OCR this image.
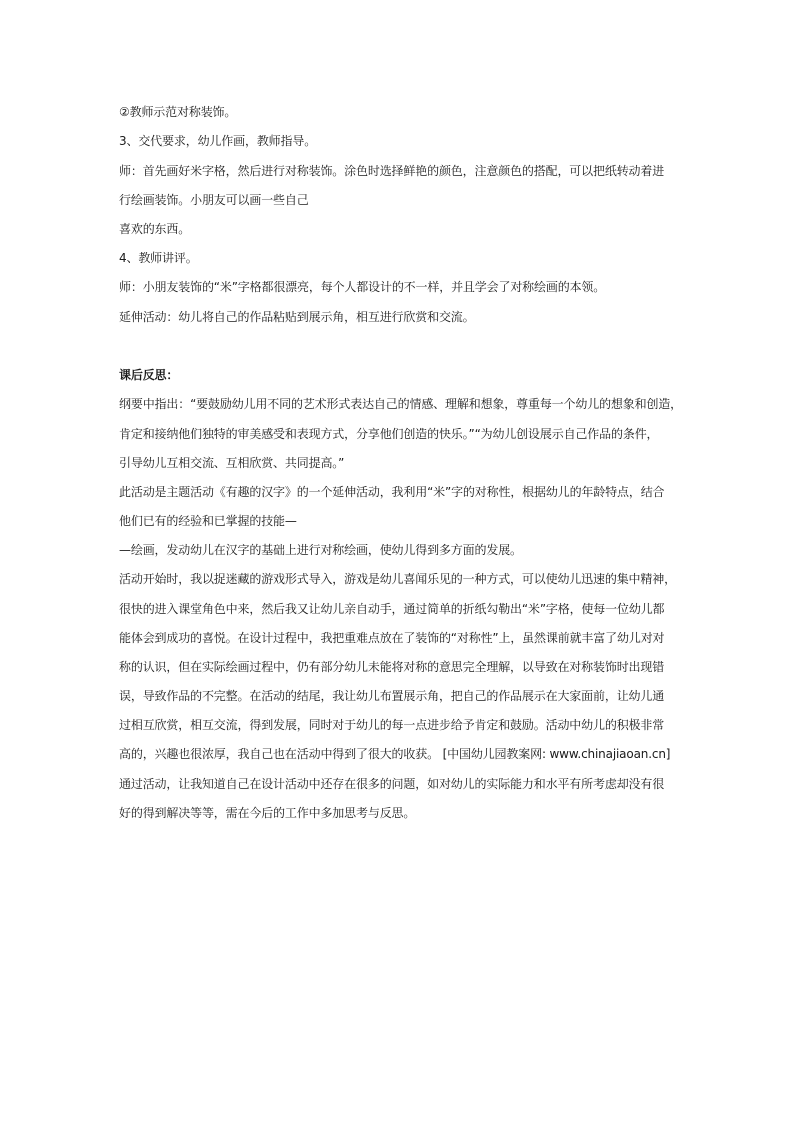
②教师示范对称装饰。
3、交代要求，幼儿作画，教师指导。
师：首先画好米字格，然后进行对称装饰。涂色时选择鲜艳的颜色，注意颜色的搭配，可以把纸转动着进
行绘画装饰。小朋友可以画一些自己
喜欢的东西。
4、教师讲评。
师：小朋友装饰的“米”字格都很漂亮，每个人都设计的不一样，并且学会了对称绘画的本领。
延伸活动：幼儿将自己的作品粘贴到展示角，相互进行欣赏和交流。
课后反思：
纲要中指出：“要鼓励幼儿用不同的艺术形式表达自己的情感、理解和想象，尊重每一个幼儿的想象和创造，
肯定和接纳他们独特的审美感受和表现方式，分享他们创造的快乐。”“为幼儿创设展示自己作品的条件，
引导幼儿互相交流、互相欣赏、共同提高。”
此活动是主题活动《有趣的汉字》的一个延伸活动，我利用“米”字的对称性，根据幼儿的年龄特点，结合
他们已有的经验和已掌握的技能—
—绘画，发动幼儿在汉字的基础上进行对称绘画，使幼儿得到多方面的发展。
活动开始时，我以捉迷藏的游戏形式导入，游戏是幼儿喜闻乐见的一种方式，可以使幼儿迅速的集中精神，
很快的进入课堂角色中来，然后我又让幼儿亲自动手，通过简单的折纸勾勒出“米”字格，使每一位幼儿都
能体会到成功的喜悦。在设计过程中，我把重难点放在了装饰的“对称性”上，虽然课前就丰富了幼儿对对
称的认识，但在实际绘画过程中，仍有部分幼儿未能将对称的意思完全理解，以导致在对称装饰时出现错
误，导致作品的不完整。在活动的结尾，我让幼儿布置展示角，把自己的作品展示在大家面前，让幼儿通
过相互欣赏，相互交流，得到发展，同时对于幼儿的每一点进步给予肯定和鼓励。活动中幼儿的积极非常
高的，兴趣也很浓厚，我自己也在活动中得到了很大的收获。 [中国幼儿园教案网: www.chinajiaoan.cn]
通过活动，让我知道自己在设计活动中还存在很多的问题，如对幼儿的实际能力和水平有所考虑却没有很
好的得到解决等等，需在今后的工作中多加思考与反思。
